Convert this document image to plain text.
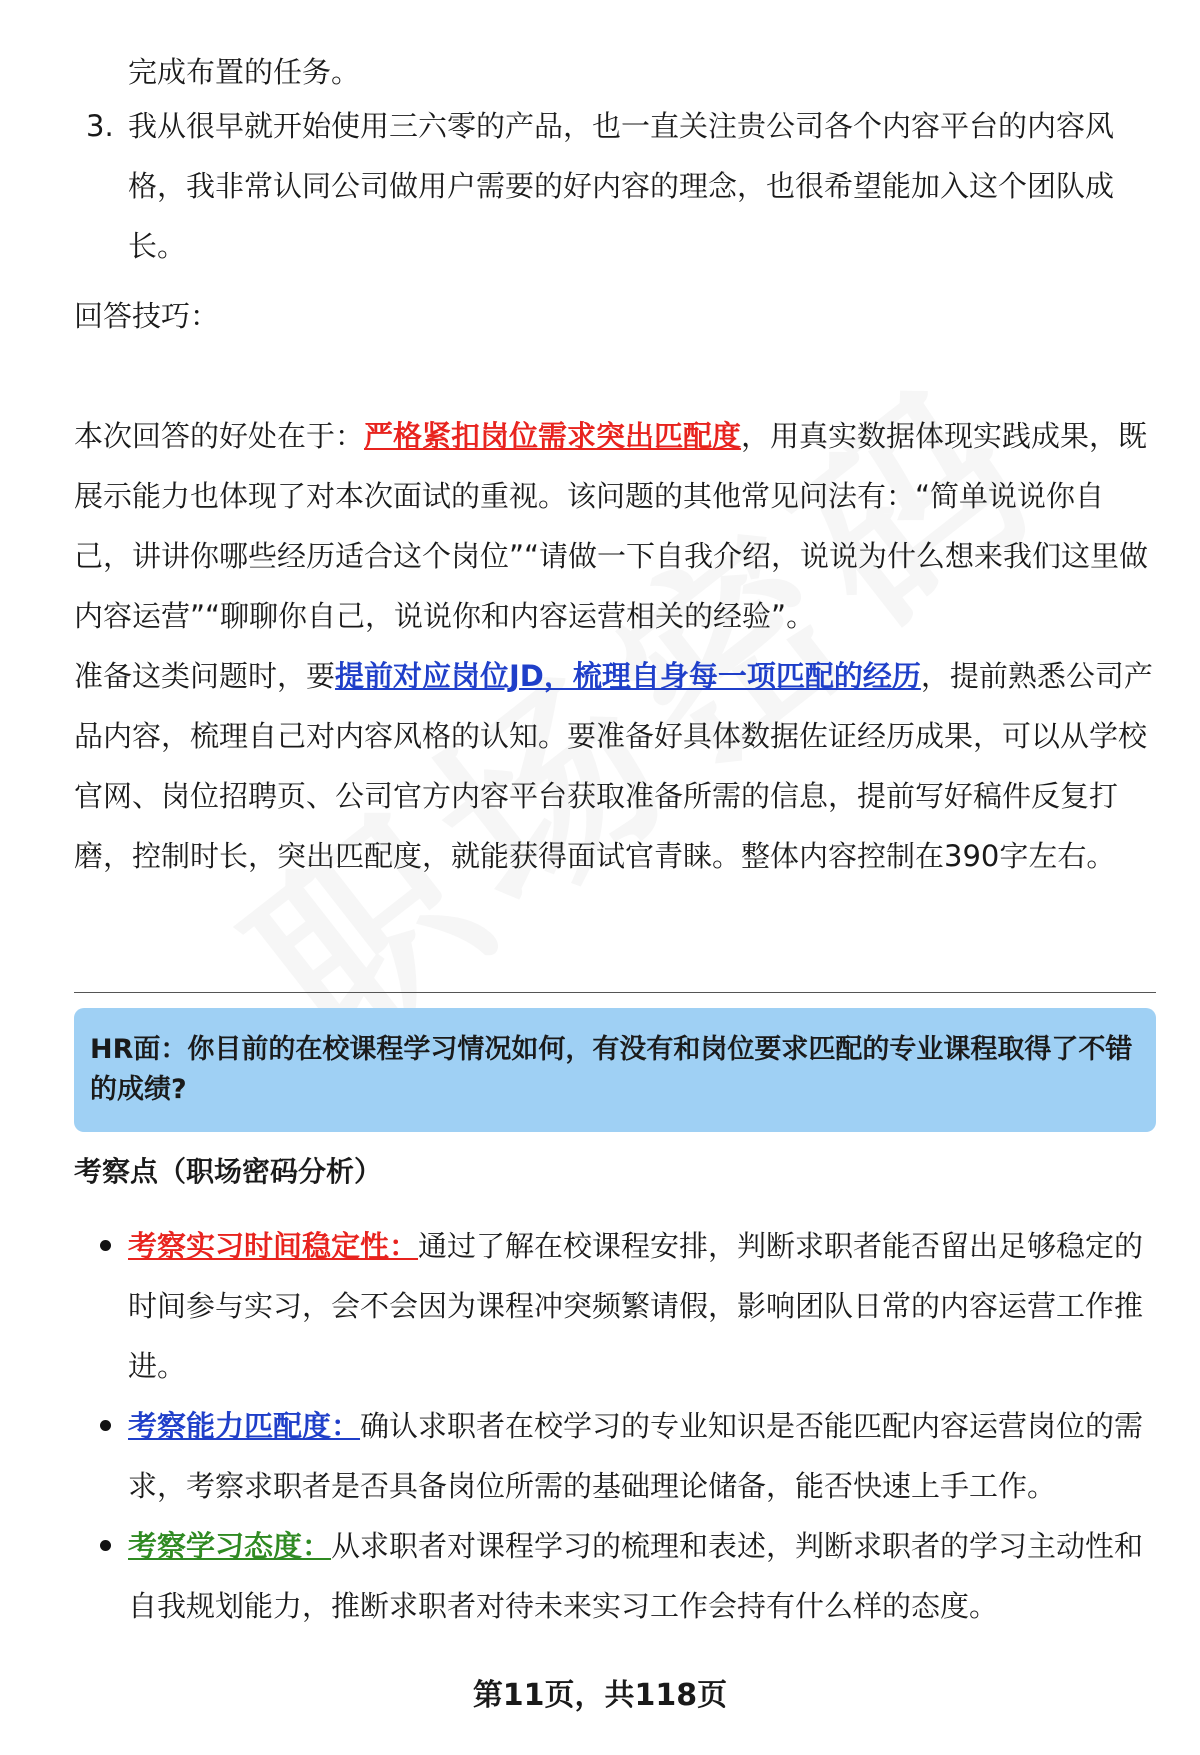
完成布置的任务。
3. 我从很早就开始使用三六零的产品，也一直关注贵公司各个内容平台的内容风格，我非常认同公司做用户需要的好内容的理念，也很希望能加入这个团队成长。
回答技巧：
本次回答的好处在于：严格紧扣岗位需求突出匹配度，用真实数据体现实践成果，既展示能力也体现了对本次面试的重视。该问题的其他常见问法有：“简单说说你自己，讲讲你哪些经历适合这个岗位”“请做一下自我介绍，说说为什么想来我们这里做内容运营”“聊聊你自己，说说你和内容运营相关的经验”。
准备这类问题时，要提前对应岗位JD，梳理自身每一项匹配的经历，提前熟悉公司产品内容，梳理自己对内容风格的认知。要准备好具体数据佐证经历成果，可以从学校官网、岗位招聘页、公司官方内容平台获取准备所需的信息，提前写好稿件反复打磨，控制时长，突出匹配度，就能获得面试官青睐。整体内容控制在390字左右。
HR面：你目前的在校课程学习情况如何，有没有和岗位要求匹配的专业课程取得了不错的成绩?
考察点（职场密码分析）
考察实习时间稳定性：通过了解在校课程安排，判断求职者能否留出足够稳定的时间参与实习，会不会因为课程冲突频繁请假，影响团队日常的内容运营工作推进。
考察能力匹配度：确认求职者在校学习的专业知识是否能匹配内容运营岗位的需求，考察求职者是否具备岗位所需的基础理论储备，能否快速上手工作。
考察学习态度：从求职者对课程学习的梳理和表述，判断求职者的学习主动性和自我规划能力，推断求职者对待未来实习工作会持有什么样的态度。
第11页，共118页
